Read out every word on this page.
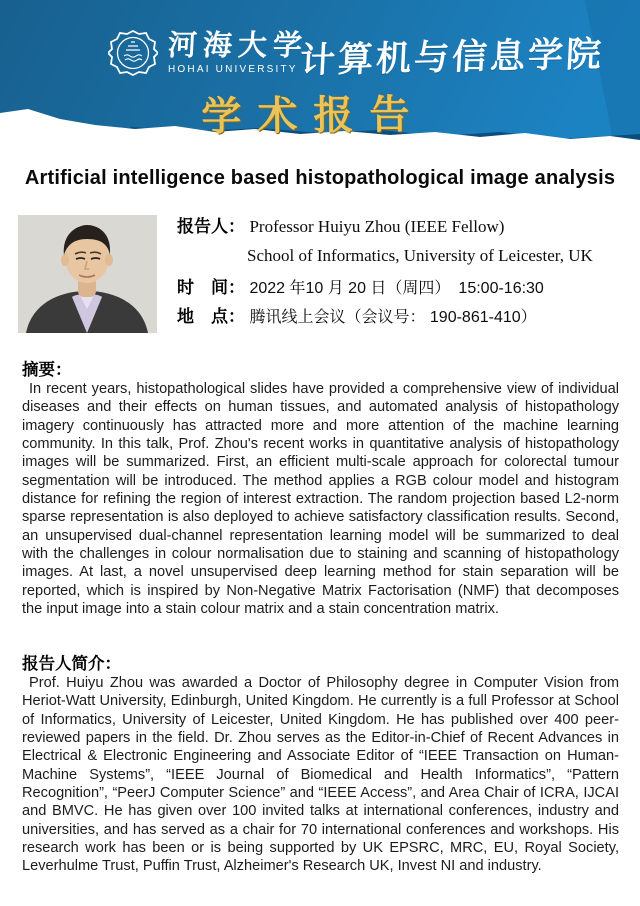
河海大学
HOHAI UNIVERSITY 计算机与信息学院
学术报告
Artificial intelligence based histopathological image analysis
报告人： Professor Huiyu Zhou (IEEE Fellow)
School of Informatics, University of Leicester, UK
时　间： 2022 年10 月 20 日（周四）　15:00-16:30
地　点： 腾讯线上会议（会议号： 190-861-410）
摘要：
In recent years, histopathological slides have provided a comprehensive view of individual diseases and their effects on human tissues, and automated analysis of histopathology imagery continuously has attracted more and more attention of the machine learning community. In this talk, Prof. Zhou's recent works in quantitative analysis of histopathology images will be summarized. First, an efficient multi-scale approach for colorectal tumour segmentation will be introduced. The method applies a RGB colour model and histogram distance for refining the region of interest extraction. The random projection based L2-norm sparse representation is also deployed to achieve satisfactory classification results. Second, an unsupervised dual-channel representation learning model will be summarized to deal with the challenges in colour normalisation due to staining and scanning of histopathology images. At last, a novel unsupervised deep learning method for stain separation will be reported, which is inspired by Non-Negative Matrix Factorisation (NMF) that decomposes the input image into a stain colour matrix and a stain concentration matrix.
报告人简介：
Prof. Huiyu Zhou was awarded a Doctor of Philosophy degree in Computer Vision from Heriot-Watt University, Edinburgh, United Kingdom. He currently is a full Professor at School of Informatics, University of Leicester, United Kingdom. He has published over 400 peer-reviewed papers in the field. Dr. Zhou serves as the Editor-in-Chief of Recent Advances in Electrical & Electronic Engineering and Associate Editor of “IEEE Transaction on Human-Machine Systems”, “IEEE Journal of Biomedical and Health Informatics”, “Pattern Recognition”, “PeerJ Computer Science” and “IEEE Access”, and Area Chair of ICRA, IJCAI and BMVC. He has given over 100 invited talks at international conferences, industry and universities, and has served as a chair for 70 international conferences and workshops. His research work has been or is being supported by UK EPSRC, MRC, EU, Royal Society, Leverhulme Trust, Puffin Trust, Alzheimer's Research UK, Invest NI and industry.
